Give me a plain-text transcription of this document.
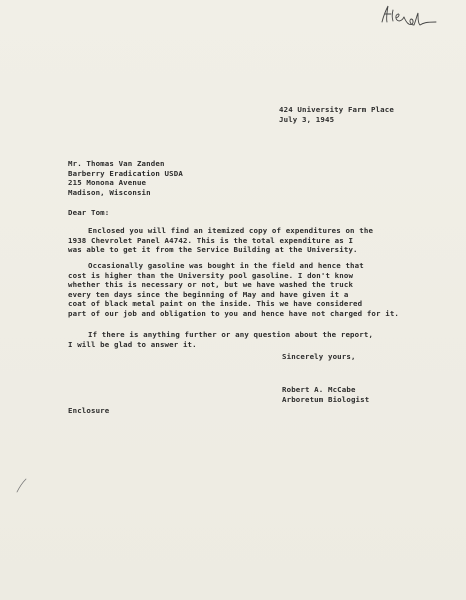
424 University Farm Place
July 3, 1945
Mr. Thomas Van Zanden
Barberry Eradication USDA
215 Monona Avenue
Madison, Wisconsin
Dear Tom:
Enclosed you will find an itemized copy of expenditures on the
1938 Chevrolet Panel A4742. This is the total expenditure as I
was able to get it from the Service Building at the University.
Occasionally gasoline was bought in the field and hence that
cost is higher than the University pool gasoline. I don't know
whether this is necessary or not, but we have washed the truck
every ten days since the beginning of May and have given it a
coat of black metal paint on the inside. This we have considered
part of our job and obligation to you and hence have not charged for it.
If there is anything further or any question about the report,
I will be glad to answer it.
Sincerely yours,
Robert A. McCabe
Arboretum Biologist
Enclosure
